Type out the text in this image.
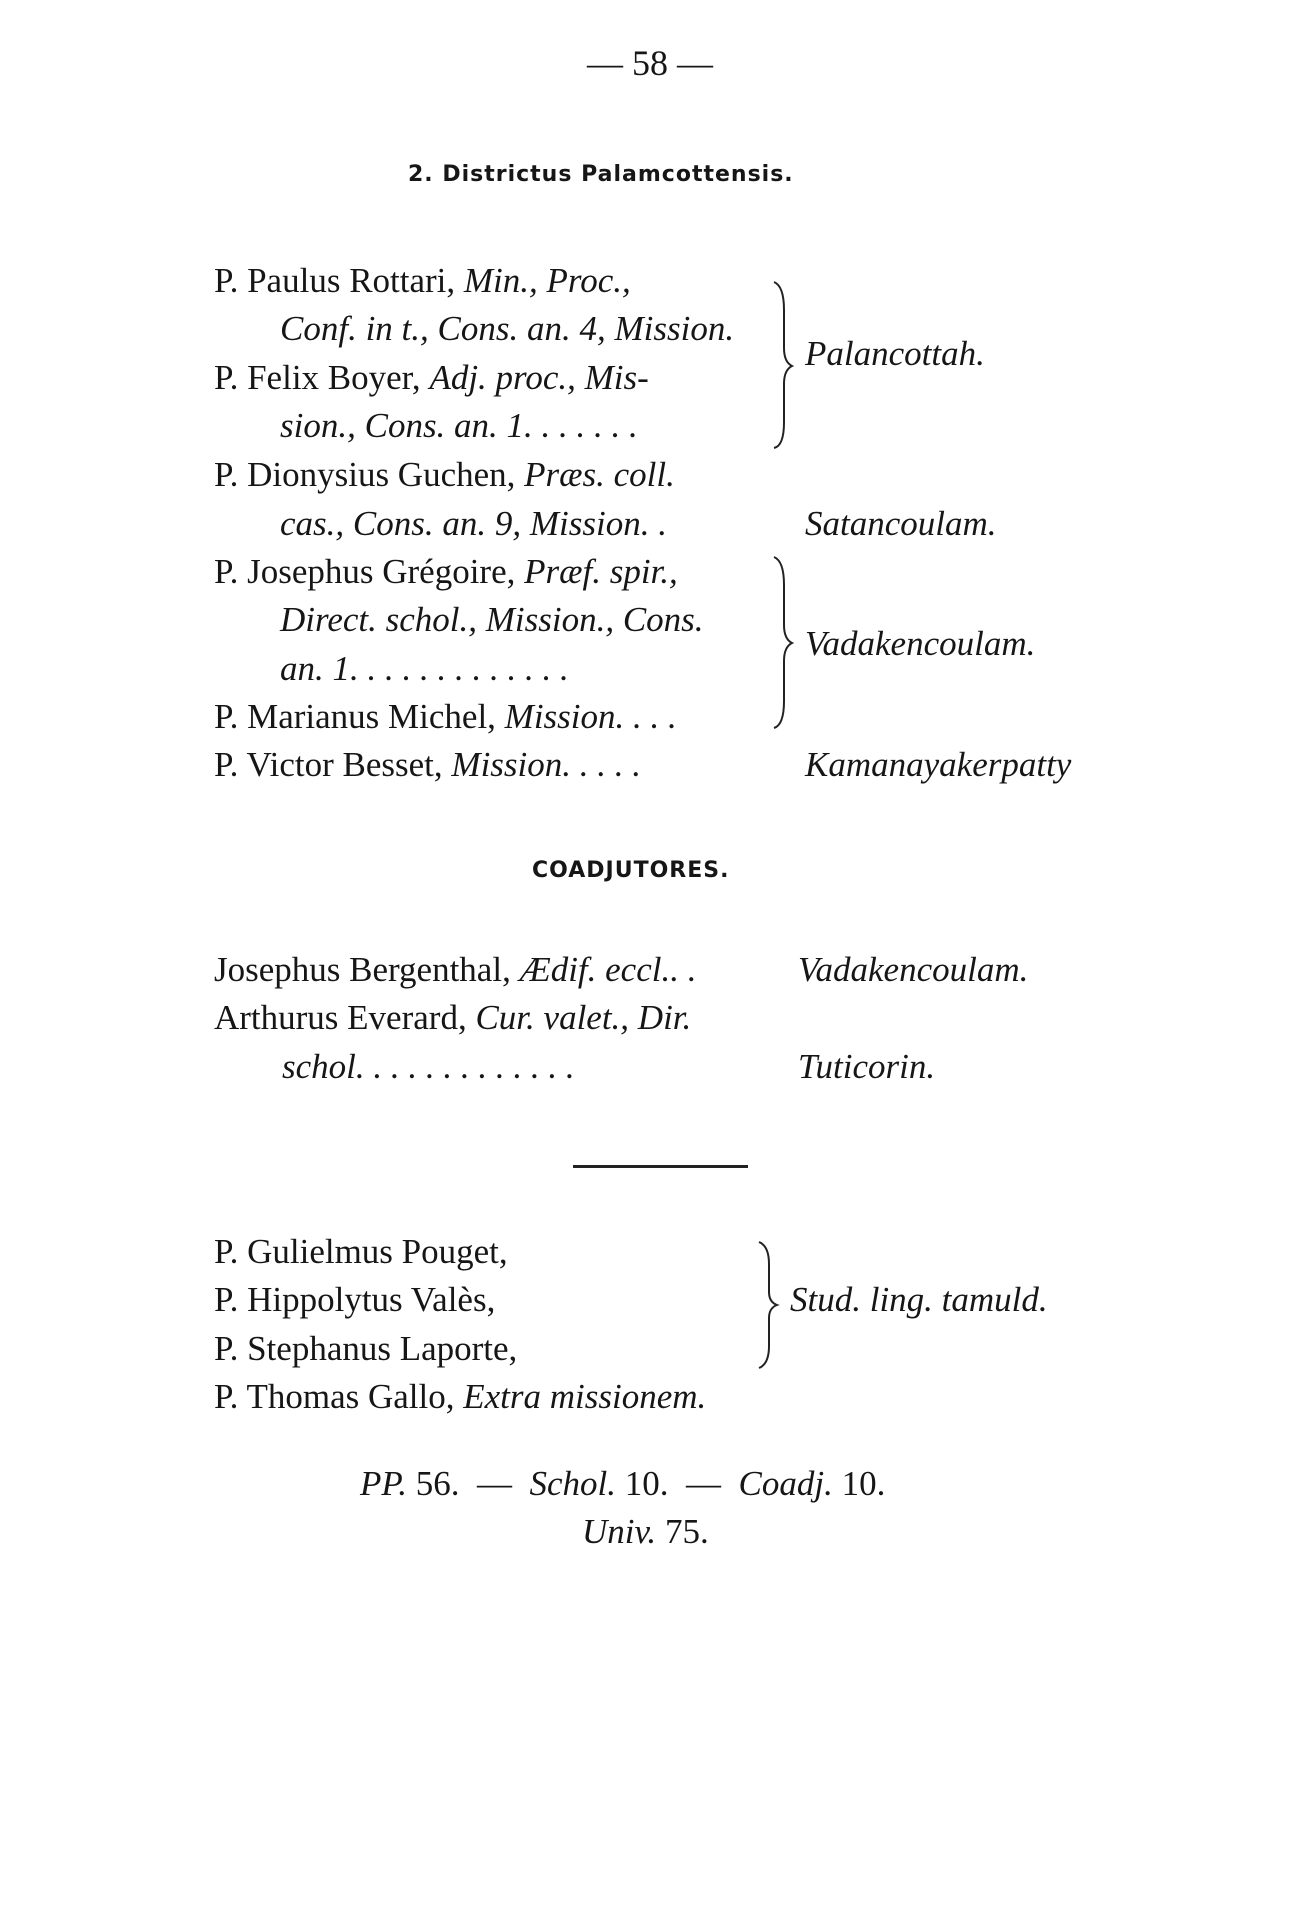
— 58 —
2. Districtus Palamcottensis.
P. Paulus Rottari, Min., Proc.,
Conf. in t., Cons. an. 4, Mission.
P. Felix Boyer, Adj. proc., Mis-
sion., Cons. an. 1. . . . . . .
P. Dionysius Guchen, Præs. coll.
cas., Cons. an. 9, Mission. .
P. Josephus Grégoire, Præf. spir.,
Direct. schol., Mission., Cons.
an. 1. . . . . . . . . . . . .
P. Marianus Michel, Mission. . . .
P. Victor Besset, Mission. . . . .
Palancottah.
Satancoulam.
Vadakencoulam.
Kamanayakerpatty
COADJUTORES.
Josephus Bergenthal, Ædif. eccl.. .	Vadakencoulam.
Arthurus Everard, Cur. valet., Dir.
schol. . . . . . . . . . . . .	Tuticorin.
P. Gulielmus Pouget,
P. Hippolytus Valès,
P. Stephanus Laporte,
P. Thomas Gallo, Extra missionem.
Stud. ling. tamuld.
PP. 56. — Schol. 10. — Coadj. 10.
Univ. 75.
